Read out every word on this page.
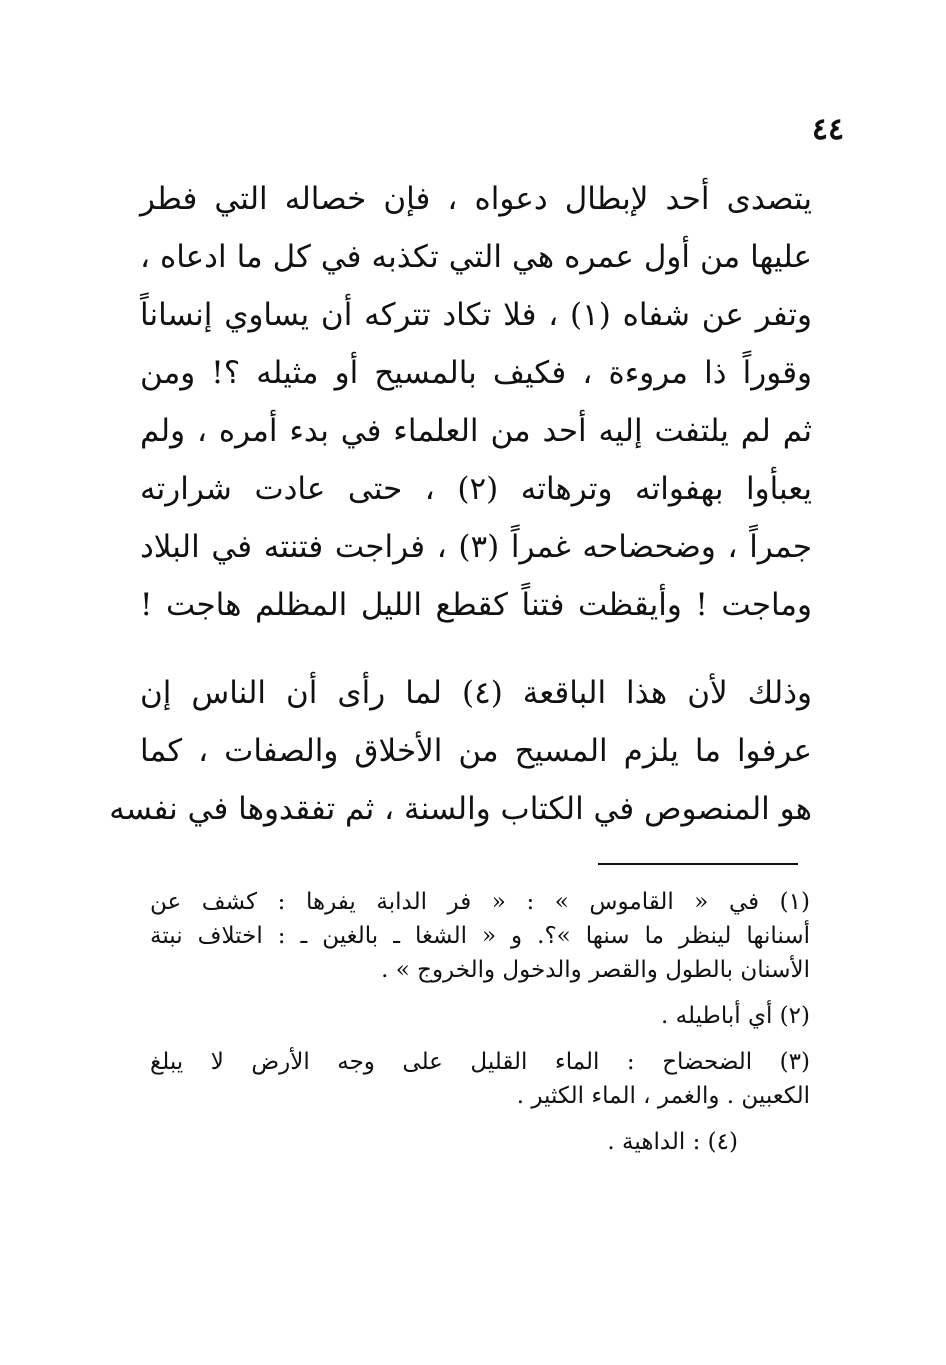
٤٤
يتصدى أحد لإبطال دعواه ، فإن خصاله التي فطر
عليها من أول عمره هي التي تكذبه في كل ما ادعاه ،
وتفر عن شفاه (١) ، فلا تكاد تتركه أن يساوي إنساناً
وقوراً ذا مروءة ، فكيف بالمسيح أو مثيله ؟! ومن
ثم لم يلتفت إليه أحد من العلماء في بدء أمره ، ولم
يعبأوا بهفواته وترهاته (٢) ، حتى عادت شرارته
جمراً ، وضحضاحه غمراً (٣) ، فراجت فتنته في البلاد
وماجت ! وأيقظت فتناً كقطع الليل المظلم هاجت !
وذلك لأن هذا الباقعة (٤) لما رأى أن الناس إن
عرفوا ما يلزم المسيح من الأخلاق والصفات ، كما
هو المنصوص في الكتاب والسنة ، ثم تفقدوها في نفسه
(١) في « القاموس » : « فر الدابة يفرها : كشف عن
أسنانها لينظر ما سنها »؟. و « الشغا ـ بالغين ـ : اختلاف نبتة
الأسنان بالطول والقصر والدخول والخروج » .
(٢) أي أباطيله .
(٣) الضحضاح : الماء القليل على وجه الأرض لا يبلغ
الكعبين . والغمر ، الماء الكثير .
(٤) : الداهية .
